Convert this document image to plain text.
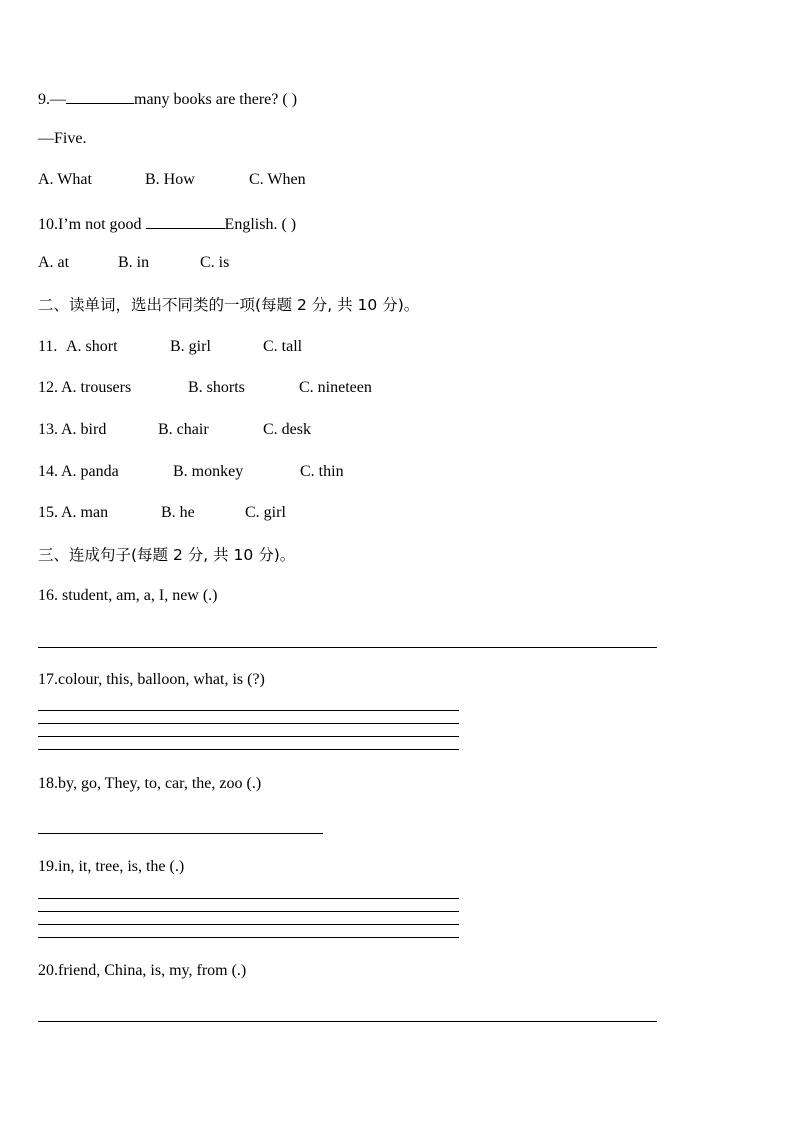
9.—	many books are there? ( )
—Five.
A. What	B. How	C. When
10.I’m not good	English. ( )
A. at	B. in	C. is
二、读单词，选出不同类的一项(每题 2 分, 共 10 分)。
11. A. short	B. girl	C. tall
12. A. trousers	B. shorts	C. nineteen
13. A. bird	B. chair	C. desk
14. A. panda	B. monkey	C. thin
15. A. man	B. he	C. girl
三、连成句子(每题 2 分, 共 10 分)。
16. student, am, a, I, new (.)
17.colour, this, balloon, what, is (?)
18.by, go, They, to, car, the, zoo (.)
19.in, it, tree, is, the (.)
20.friend, China, is, my, from (.)
